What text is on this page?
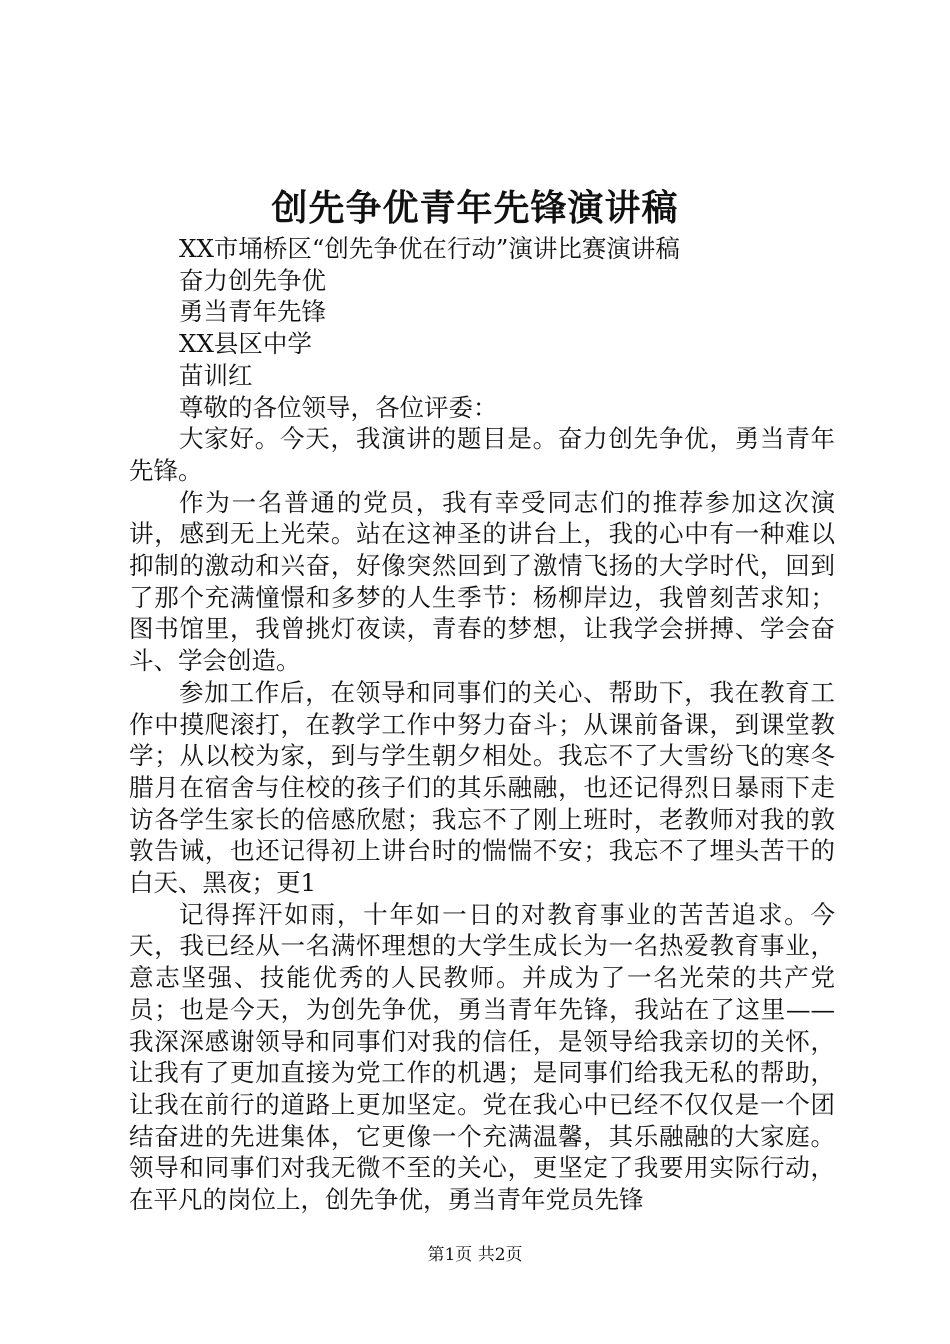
创先争优青年先锋演讲稿

XX市埇桥区“创先争优在行动”演讲比赛演讲稿

奋力创先争优

勇当青年先锋

XX县区中学

苗训红

尊敬的各位领导，各位评委：

大家好。今天，我演讲的题目是。奋力创先争优，勇当青年先锋。

作为一名普通的党员，我有幸受同志们的推荐参加这次演讲，感到无上光荣。站在这神圣的讲台上，我的心中有一种难以抑制的激动和兴奋，好像突然回到了激情飞扬的大学时代，回到了那个充满憧憬和多梦的人生季节：杨柳岸边，我曾刻苦求知；图书馆里，我曾挑灯夜读，青春的梦想，让我学会拼搏、学会奋斗、学会创造。

参加工作后，在领导和同事们的关心、帮助下，我在教育工作中摸爬滚打，在教学工作中努力奋斗；从课前备课，到课堂教学；从以校为家，到与学生朝夕相处。我忘不了大雪纷飞的寒冬腊月在宿舍与住校的孩子们的其乐融融，也还记得烈日暴雨下走访各学生家长的倍感欣慰；我忘不了刚上班时，老教师对我的敦敦告诫，也还记得初上讲台时的惴惴不安；我忘不了埋头苦干的白天、黑夜；更1

记得挥汗如雨，十年如一日的对教育事业的苦苦追求。今天，我已经从一名满怀理想的大学生成长为一名热爱教育事业，意志坚强、技能优秀的人民教师。并成为了一名光荣的共产党员；也是今天，为创先争优，勇当青年先锋，我站在了这里——我深深感谢领导和同事们对我的信任，是领导给我亲切的关怀，让我有了更加直接为党工作的机遇；是同事们给我无私的帮助，让我在前行的道路上更加坚定。党在我心中已经不仅仅是一个团结奋进的先进集体，它更像一个充满温馨，其乐融融的大家庭。领导和同事们对我无微不至的关心，更坚定了我要用实际行动，在平凡的岗位上，创先争优，勇当青年党员先锋

第1页 共2页
